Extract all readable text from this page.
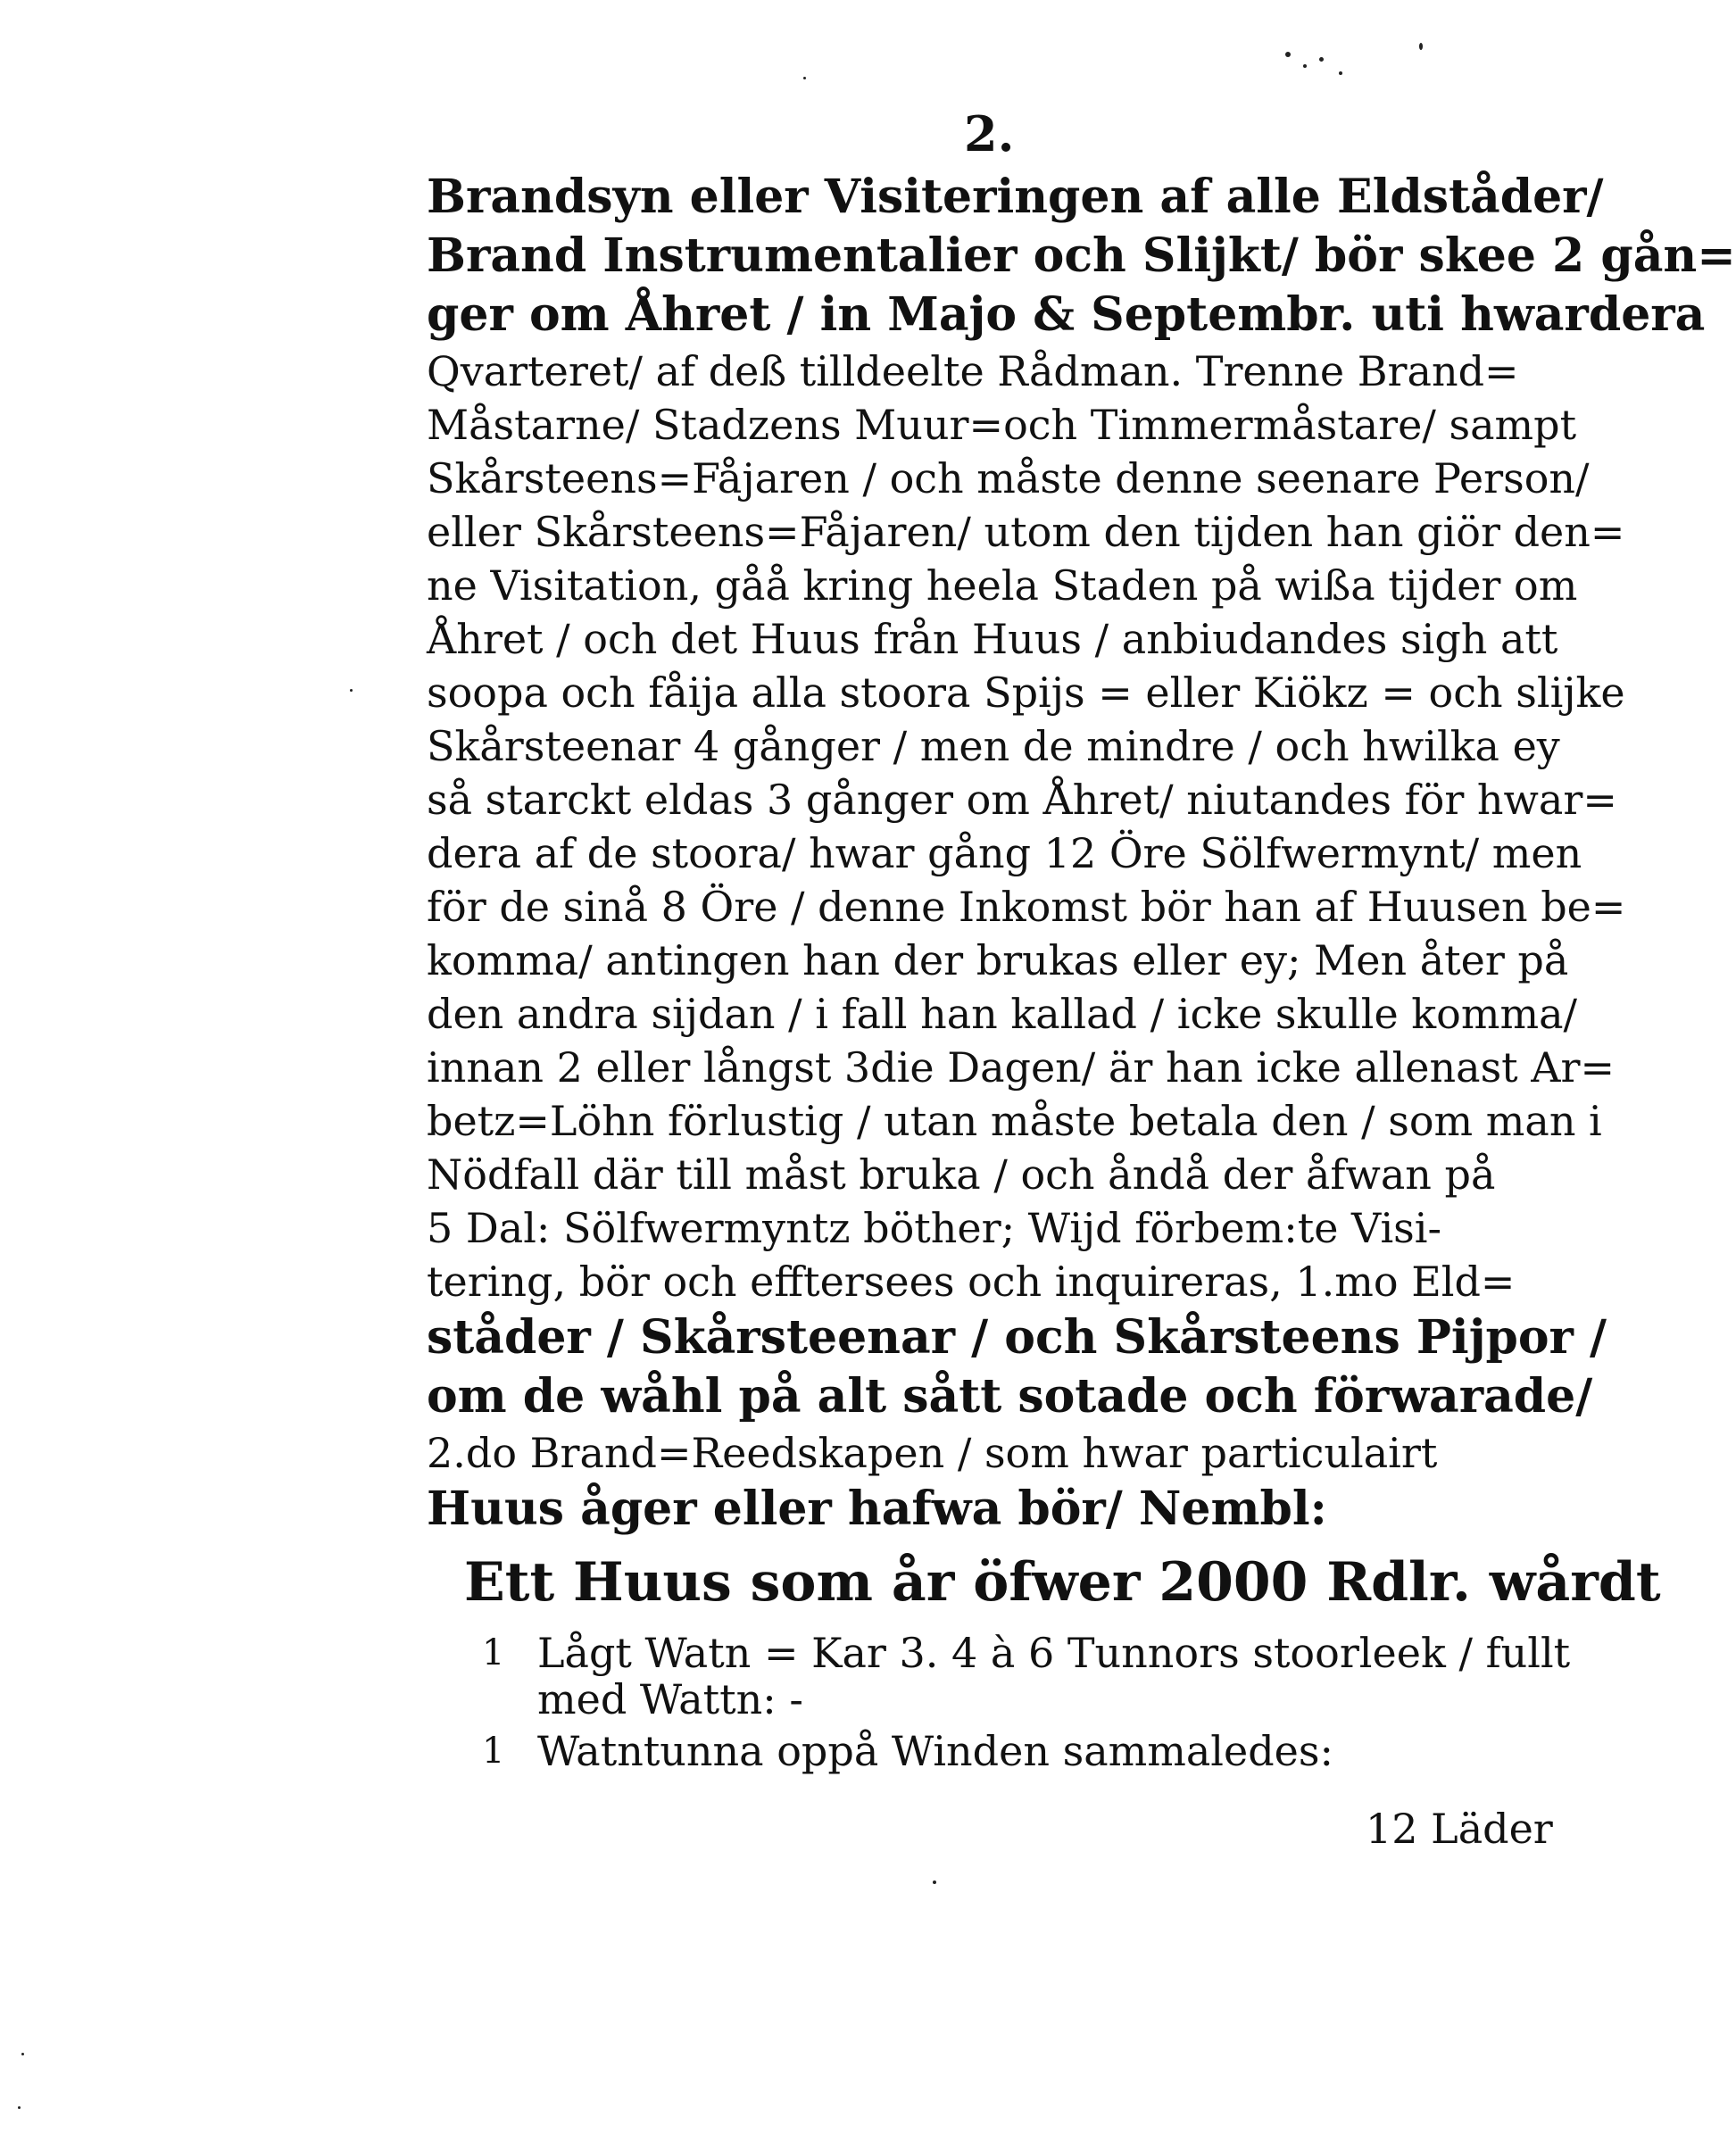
2.
Brandsyn eller Visiteringen af alle Eldståder/
Brand Instrumentalier och Slijkt/ bör skee 2 gån=
ger om Åhret / in Majo & Septembr. uti hwardera
Qvarteret/ af deß tilldeelte Rådman. Trenne Brand=
Måstarne/ Stadzens Muur=och Timmermåstare/ sampt
Skårsteens=Fåjaren / och måste denne seenare Person/
eller Skårsteens=Fåjaren/ utom den tijden han giör den=
ne Visitation, gåå kring heela Staden på wißa tijder om
Åhret / och det Huus från Huus / anbiudandes sigh att
soopa och fåija alla stoora Spijs = eller Kiökz = och slijke
Skårsteenar 4 gånger / men de mindre / och hwilka ey
så starckt eldas 3 gånger om Åhret/ niutandes för hwar=
dera af de stoora/ hwar gång 12 Öre Sölfwermynt/ men
för de sinå 8 Öre / denne Inkomst bör han af Huusen be=
komma/ antingen han der brukas eller ey; Men åter på
den andra sijdan / i fall han kallad / icke skulle komma/
innan 2 eller långst 3die Dagen/ är han icke allenast Ar=
betz=Löhn förlustig / utan måste betala den / som man i
Nödfall där till måst bruka / och åndå der åfwan på
5 Dal: Sölfwermyntz böther; Wijd förbem:te Visi-
tering, bör och efftersees och inquireras, 1.mo Eld=
ståder / Skårsteenar / och Skårsteens Pijpor /
om de wåhl på alt sått sotade och förwarade/
2.do Brand=Reedskapen / som hwar particulairt
Huus åger eller hafwa bör/ Nembl:
Ett Huus som år öfwer 2000 Rdlr. wårdt
1 Lågt Watn = Kar 3. 4 à 6 Tunnors stoorleek / fullt med Wattn: -
1 Watntunna oppå Winden sammaledes:
12 Läder
